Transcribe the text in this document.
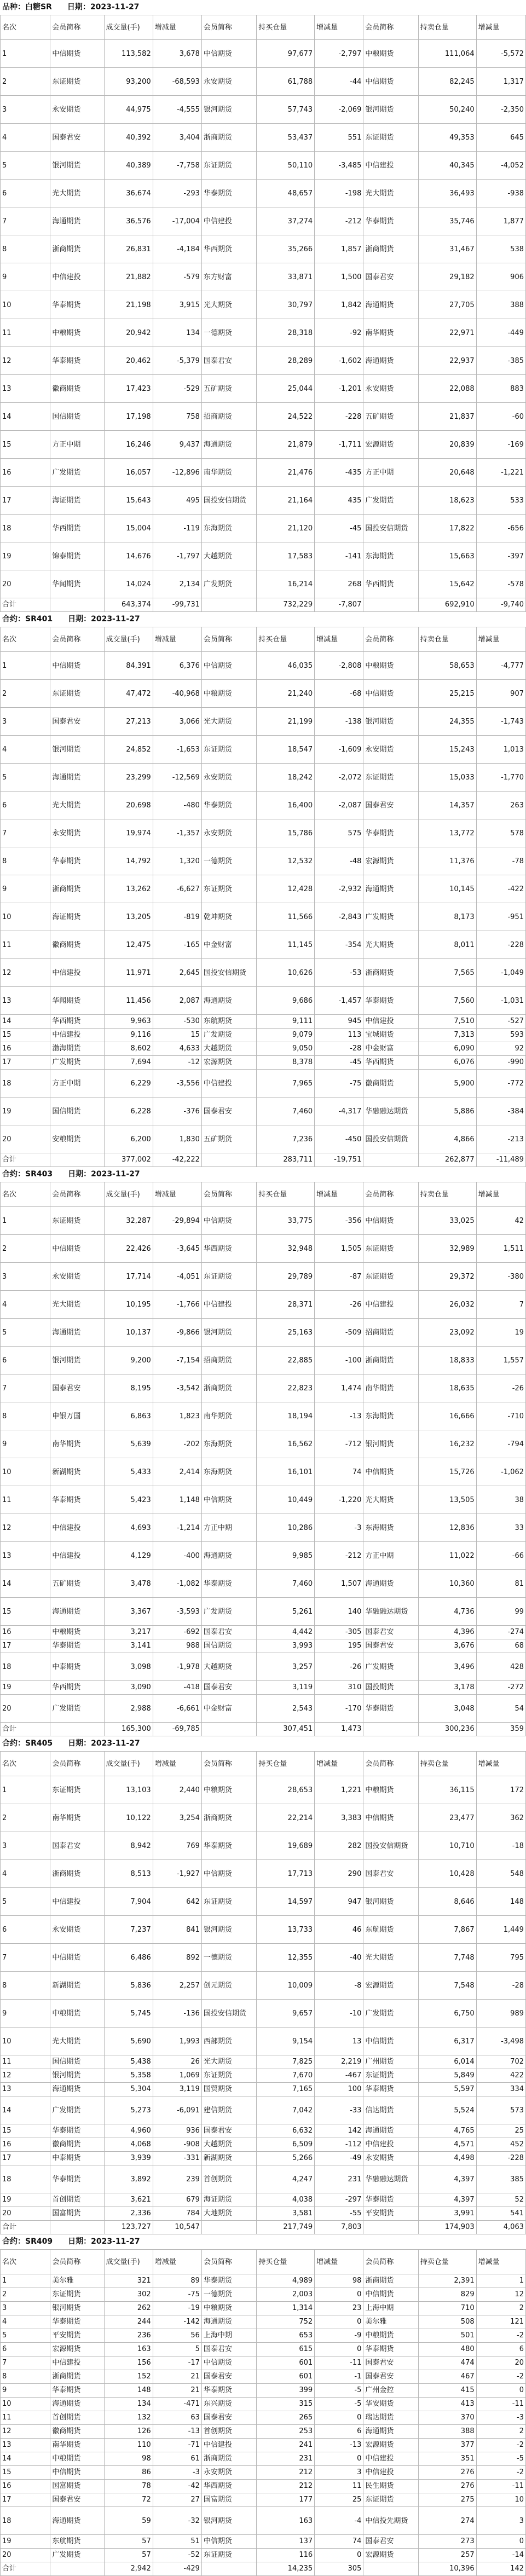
品种：白糖SR 日期：2023-11-27
名次	会员简称	成交量(手)	增减量	会员简称	持买仓量	增减量	会员简称	持卖仓量	增减量
1	中信期货	113,582	3,678	中信期货	97,677	-2,797	中粮期货	111,064	-5,572
2	东证期货	93,200	-68,593	永安期货	61,788	-44	中信期货	82,245	1,317
3	永安期货	44,975	-4,555	银河期货	57,743	-2,069	银河期货	50,240	-2,350
4	国泰君安	40,392	3,404	浙商期货	53,437	551	东证期货	49,353	645
5	银河期货	40,389	-7,758	东证期货	50,110	-3,485	中信建投	40,345	-4,052
6	光大期货	36,674	-293	华泰期货	48,657	-198	光大期货	36,493	-938
7	海通期货	36,576	-17,004	中信建投	37,274	-212	华泰期货	35,746	1,877
8	浙商期货	26,831	-4,184	华西期货	35,266	1,857	浙商期货	31,467	538
9	中信建投	21,882	-579	东方财富	33,871	1,500	国泰君安	29,182	906
10	华泰期货	21,198	3,915	光大期货	30,797	1,842	海通期货	27,705	388
11	中粮期货	20,942	134	一德期货	28,318	-92	南华期货	22,971	-449
12	华泰期货	20,462	-5,379	国泰君安	28,289	-1,602	海通期货	22,937	-385
13	徽商期货	17,423	-529	五矿期货	25,044	-1,201	永安期货	22,088	883
14	国信期货	17,198	758	招商期货	24,522	-228	五矿期货	21,837	-60
15	方正中期	16,246	9,437	海通期货	21,879	-1,711	宏源期货	20,839	-169
16	广发期货	16,057	-12,896	南华期货	21,476	-435	方正中期	20,648	-1,221
17	海证期货	15,643	495	国投安信期货	21,164	435	广发期货	18,623	533
18	华西期货	15,004	-119	东海期货	21,120	-45	国投安信期货	17,822	-656
19	锦泰期货	14,676	-1,797	大越期货	17,583	-141	东海期货	15,663	-397
20	华闻期货	14,024	2,134	广发期货	16,214	268	华西期货	15,642	-578
合计		643,374	-99,731		732,229	-7,807		692,910	-9,740
合约：SR401 日期：2023-11-27
名次	会员简称	成交量(手)	增减量	会员简称	持买仓量	增减量	会员简称	持卖仓量	增减量
1	中信期货	84,391	6,376	中信期货	46,035	-2,808	中粮期货	58,653	-4,777
2	东证期货	47,472	-40,968	中粮期货	21,240	-68	中信期货	25,215	907
3	国泰君安	27,213	3,066	光大期货	21,199	-138	银河期货	24,355	-1,743
4	银河期货	24,852	-1,653	东证期货	18,547	-1,609	永安期货	15,243	1,013
5	海通期货	23,299	-12,569	永安期货	18,242	-2,072	东证期货	15,033	-1,770
6	光大期货	20,698	-480	华泰期货	16,400	-2,087	国泰君安	14,357	263
7	永安期货	19,974	-1,357	永安期货	15,786	575	华泰期货	13,772	578
8	华泰期货	14,792	1,320	一德期货	12,532	-48	宏源期货	11,376	-78
9	浙商期货	13,262	-6,627	东证期货	12,428	-2,932	海通期货	10,145	-422
10	海证期货	13,205	-819	乾坤期货	11,566	-2,843	广发期货	8,173	-951
11	徽商期货	12,475	-165	中金财富	11,145	-354	光大期货	8,011	-228
12	中信建投	11,971	2,645	国投安信期货	10,626	-53	浙商期货	7,565	-1,049
13	华闻期货	11,456	2,087	海通期货	9,686	-1,457	华泰期货	7,560	-1,031
14	华西期货	9,963	-530	东航期货	9,111	945	中信建投	7,510	-527
15	中信建投	9,116	15	广发期货	9,079	113	宝城期货	7,313	593
16	渤海期货	8,602	4,633	大越期货	9,050	-28	中金财富	6,090	92
17	广发期货	7,694	-12	宏源期货	8,378	-45	华西期货	6,076	-990
18	方正中期	6,229	-3,556	中信建投	7,965	-75	徽商期货	5,900	-772
19	国信期货	6,228	-376	国泰君安	7,460	-4,317	华融融达期货	5,886	-384
20	安粮期货	6,200	1,830	五矿期货	7,236	-450	国投安信期货	4,866	-213
合计		377,002	-42,222		283,711	-19,751		262,877	-11,489
合约：SR403 日期：2023-11-27
名次	会员简称	成交量(手)	增减量	会员简称	持买仓量	增减量	会员简称	持卖仓量	增减量
1	东证期货	32,287	-29,894	中信期货	33,775	-356	中信期货	33,025	42
2	中信期货	22,426	-3,645	华西期货	32,948	1,505	东证期货	32,989	1,511
3	永安期货	17,714	-4,051	东证期货	29,789	-87	东证期货	29,372	-380
4	光大期货	10,195	-1,766	中信建投	28,371	-26	中信建投	26,032	7
5	海通期货	10,137	-9,866	银河期货	25,163	-509	招商期货	23,092	19
6	银河期货	9,200	-7,154	招商期货	22,885	-100	浙商期货	18,833	1,557
7	国泰君安	8,195	-3,542	浙商期货	22,823	1,474	南华期货	18,635	-26
8	申银万国	6,863	1,823	南华期货	18,194	-13	东海期货	16,666	-710
9	南华期货	5,639	-202	东海期货	16,562	-712	银河期货	16,232	-794
10	新湖期货	5,433	2,414	东海期货	16,101	74	中信期货	15,726	-1,062
11	华泰期货	5,423	1,148	中信期货	10,449	-1,220	光大期货	13,505	38
12	中信建投	4,693	-1,214	方正中期	10,286	-3	东海期货	12,836	33
13	中信建投	4,129	-400	海通期货	9,985	-212	方正中期	11,022	-66
14	五矿期货	3,478	-1,082	华泰期货	7,460	1,507	海通期货	10,360	81
15	海通期货	3,367	-3,593	广发期货	5,261	140	华融融达期货	4,736	99
16	中粮期货	3,217	-692	国泰君安	4,442	-305	国泰君安	4,396	-274
17	华泰期货	3,141	988	国信期货	3,993	195	国泰君安	3,676	68
18	中泰期货	3,098	-1,978	大越期货	3,257	-26	广发期货	3,496	428
19	华西期货	3,090	-418	国泰君安	3,119	310	国投期货	3,178	-272
20	广发期货	2,988	-6,661	中金财富	2,543	-170	华泰期货	3,048	54
合计		165,300	-69,785		307,451	1,473		300,236	359
合约：SR405 日期：2023-11-27
名次	会员简称	成交量(手)	增减量	会员简称	持买仓量	增减量	会员简称	持卖仓量	增减量
1	东证期货	13,103	2,440	中粮期货	28,653	1,221	中粮期货	36,115	172
2	南华期货	10,122	3,254	浙商期货	22,214	3,383	中信期货	23,477	362
3	国泰君安	8,942	769	华泰期货	19,689	282	国投安信期货	10,710	-18
4	浙商期货	8,513	-1,927	中信期货	17,713	290	国泰君安	10,428	548
5	中信建投	7,904	642	东证期货	14,597	947	银河期货	8,646	148
6	永安期货	7,237	841	银河期货	13,733	46	东航期货	7,867	1,449
7	中信期货	6,486	892	一德期货	12,355	-40	光大期货	7,748	795
8	新湖期货	5,836	2,257	创元期货	10,009	-8	宏源期货	7,548	-28
9	中粮期货	5,745	-136	国投安信期货	9,657	-10	广发期货	6,750	989
10	光大期货	5,690	1,993	西部期货	9,154	13	中信期货	6,317	-3,498
11	国信期货	5,438	26	光大期货	7,825	2,219	广州期货	6,014	702
12	银河期货	5,358	1,069	东证期货	7,670	-467	东证期货	5,849	422
13	海通期货	5,304	3,119	国贸期货	7,165	100	华泰期货	5,597	334
14	广发期货	5,273	-6,091	建信期货	7,042	-33	信达期货	5,524	573
15	华泰期货	4,960	936	国泰君安	6,632	142	海通期货	4,765	25
16	徽商期货	4,068	-908	大越期货	6,509	-112	中信建投	4,571	452
17	中泰期货	3,939	-331	新湖期货	5,266	-49	永安期货	4,498	-228
18	华泰期货	3,892	239	首创期货	4,247	231	华融融达期货	4,397	385
19	首创期货	3,621	679	海证期货	4,038	-297	华泰期货	4,397	52
20	国富期货	2,336	784	大地期货	3,581	-55	平安期货	3,991	541
合计		123,727	10,547		217,749	7,803		174,903	4,063
合约：SR409 日期：2023-11-27
名次	会员简称	成交量(手)	增减量	会员简称	持买仓量	增减量	会员简称	持卖仓量	增减量
1	美尔雅	321	89	华泰期货	4,989	98	浙商期货	2,391	1
2	东证期货	302	-75	一德期货	2,003	0	中信期货	829	12
3	银河期货	262	-19	中粮期货	1,314	23	上海中期	710	2
4	华泰期货	244	-142	海通期货	752	0	美尔雅	508	121
5	平安期货	236	56	上海中期	653	-9	中粮期货	501	-2
6	宏源期货	163	5	国泰君安	615	0	华泰期货	480	6
7	中信建投	156	-17	中信期货	601	-11	国泰君安	474	20
8	浙商期货	152	21	国泰君安	601	-1	国泰君安	467	-2
9	华泰期货	148	21	华泰期货	399	-5	广州金控	415	0
10	海通期货	134	-471	东兴期货	315	-5	华安期货	413	-11
11	首创期货	132	63	国泰君安	265	0	瑞达期货	370	-3
12	徽商期货	126	-13	首创期货	253	6	海通期货	388	2
13	南华期货	110	-71	中信建投	241	-13	宏源期货	377	-2
14	中粮期货	98	61	浙商期货	231	0	中信建投	351	-5
15	中信期货	86	-3	永安期货	212	3	中信建投	276	-2
16	国富期货	78	-42	华西期货	212	11	民生期货	276	-11
17	国泰君安	72	27	国富期货	177	25	东证期货	275	10
18	海通期货	59	-32	银河期货	163	-4	中信投先期货	274	3
19	东航期货	57	51	中信期货	137	74	国泰君安	273	0
20	广发期货	57	-52	东证期货	116	0	宏源期货	257	-14
合计		2,942	-429		14,235	305		10,396	142
